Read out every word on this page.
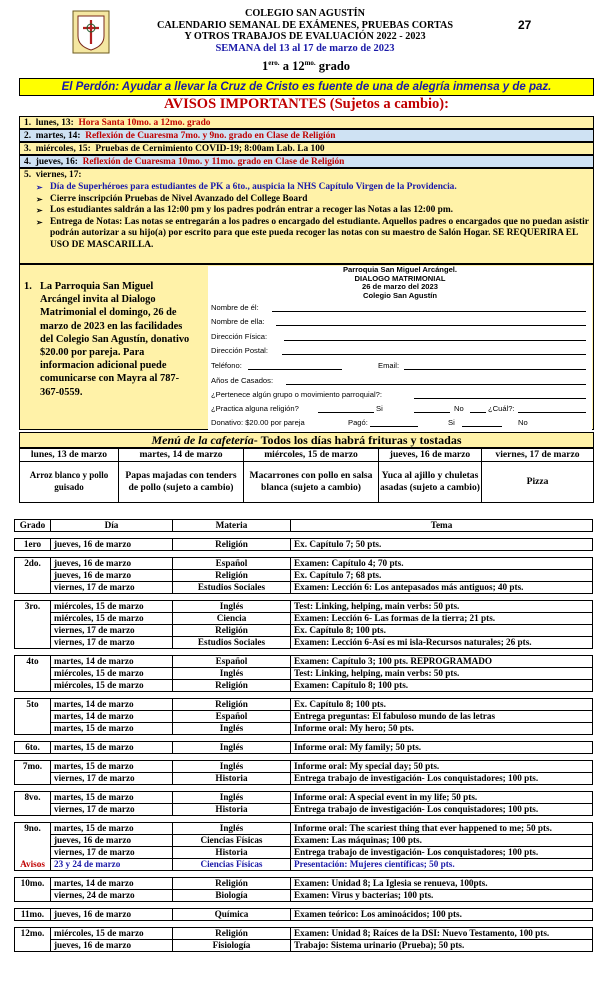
COLEGIO SAN AGUSTÍN
CALENDARIO SEMANAL DE EXÁMENES, PRUEBAS CORTAS
Y OTROS TRABAJOS DE EVALUACIÓN 2022 - 2023
SEMANA del 13 al 17 de marzo de 2023
27
$1^{ero.}$ a $12^{mo.}$ grado
El Perdón: Ayudar a llevar la Cruz de Cristo es fuente de una de alegría inmensa y de paz.
AVISOS IMPORTANTES (Sujetos a cambio):
1. lunes, 13: Hora Santa 10mo. a 12mo. grado
2. martes, 14: Reflexión de Cuaresma 7mo. y 9no. grado en Clase de Religión
3. miércoles, 15: Pruebas de Cernimiento COVID-19; 8:00am Lab. La 100
4. jueves, 16: Reflexión de Cuaresma 10mo. y 11mo. grado en Clase de Religión
5. viernes, 17:
➢ Día de Superhéroes para estudiantes de PK a 6to., auspicia la NHS Capítulo Virgen de la Providencia.
➢ Cierre inscripción Pruebas de Nivel Avanzado del College Board
➢ Los estudiantes saldrán a las 12:00 pm y los padres podrán entrar a recoger las Notas a las 12:00 pm.
➢ Entrega de Notas: Las notas se entregarán a los padres o encargado del estudiante. Aquellos padres o encargados que no puedan asistir podrán autorizar a su hijo(a) por escrito para que este pueda recoger las notas con su maestro de Salón Hogar. SE REQUERIRA EL USO DE MASCARILLA.
1. La Parroquia San Miguel Arcángel invita al Dialogo Matrimonial el domingo, 26 de marzo de 2023 en las facilidades del Colegio San Agustín, donativo $20.00 por pareja. Para informacion adicional puede comunicarse con Mayra al 787-367-0559.
Parroquia San Miguel Arcángel.
DIALOGO MATRIMONIAL
26 de marzo del 2023
Colegio San Agustín
Nombre de él:
Nombre de ella:
Dirección Física:
Dirección Postal:
Teléfono:	Email:
Años de Casados:
¿Pertenece algún grupo o movimiento parroquial?:
¿Practica alguna religión?	Si	No	¿Cuál?:
Donativo: $20.00 por pareja	Pagó:	Si	No
Menú de la cafetería- Todos los días habrá frituras y tostadas
lunes, 13 de marzo	martes, 14 de marzo	miércoles, 15 de marzo	jueves, 16 de marzo	viernes, 17 de marzo
Arroz blanco y pollo guisado	Papas majadas con tenders de pollo (sujeto a cambio)	Macarrones con pollo en salsa blanca (sujeto a cambio)	Yuca al ajillo y chuletas asadas (sujeto a cambio)	Pizza
Grado	Día	Materia	Tema

1ero	jueves, 16 de marzo	Religión	Ex. Capítulo 7; 50 pts.

2do.	jueves, 16 de marzo	Español	Examen: Capítulo 4; 70 pts.
	jueves, 16 de marzo	Religión	Ex. Capítulo 7; 68 pts.
	viernes, 17 de marzo	Estudios Sociales	Examen: Lección 6: Los antepasados más antiguos; 40 pts.

3ro.	miércoles, 15 de marzo	Inglés	Test: Linking, helping, main verbs: 50 pts.
	miércoles, 15 de marzo	Ciencia	Examen: Lección 6- Las formas de la tierra; 21 pts.
	viernes, 17 de marzo	Religión	Ex. Capítulo 8; 100 pts.
	viernes, 17 de marzo	Estudios Sociales	Examen: Lección 6-Así es mi isla-Recursos naturales; 26 pts.

4to	martes, 14 de marzo	Español	Examen: Capítulo 3; 100 pts. REPROGRAMADO
	miércoles, 15 de marzo	Inglés	Test: Linking, helping, main verbs: 50 pts.
	miércoles, 15 de marzo	Religión	Examen: Capítulo 8; 100 pts.

5to	martes, 14 de marzo	Religión	Ex. Capítulo 8; 100 pts.
	martes, 14 de marzo	Español	Entrega preguntas: El fabuloso mundo de las letras
	martes, 15 de marzo	Inglés	Informe oral: My hero; 50 pts.

6to.	martes, 15 de marzo	Inglés	Informe oral: My family; 50 pts.

7mo.	martes, 15 de marzo	Inglés	Informe oral: My special day; 50 pts.
	viernes, 17 de marzo	Historia	Entrega trabajo de investigación- Los conquistadores; 100 pts.

8vo.	martes, 15 de marzo	Inglés	Informe oral: A special event in my life; 50 pts.
	viernes, 17 de marzo	Historia	Entrega trabajo de investigación- Los conquistadores; 100 pts.

9no.	martes, 15 de marzo	Inglés	Informe oral: The scariest thing that ever happened to me; 50 pts.
	jueves, 16 de marzo	Ciencias Físicas	Examen: Las máquinas; 100 pts.
	viernes, 17 de marzo	Historia	Entrega trabajo de investigación- Los conquistadores; 100 pts.
Avisos	23 y 24 de marzo	Ciencias Físicas	Presentación: Mujeres científicas; 50 pts.

10mo.	martes, 14 de marzo	Religión	Examen: Unidad 8; La Iglesia se renueva, 100pts.
	viernes, 24 de marzo	Biología	Examen: Virus y bacterias; 100 pts.

11mo.	jueves, 16 de marzo	Química	Examen teórico: Los aminoácidos; 100 pts.

12mo.	miércoles, 15 de marzo	Religión	Examen: Unidad 8; Raíces de la DSI: Nuevo Testamento, 100 pts.
	jueves, 16 de marzo	Fisiología	Trabajo: Sistema urinario (Prueba); 50 pts.
